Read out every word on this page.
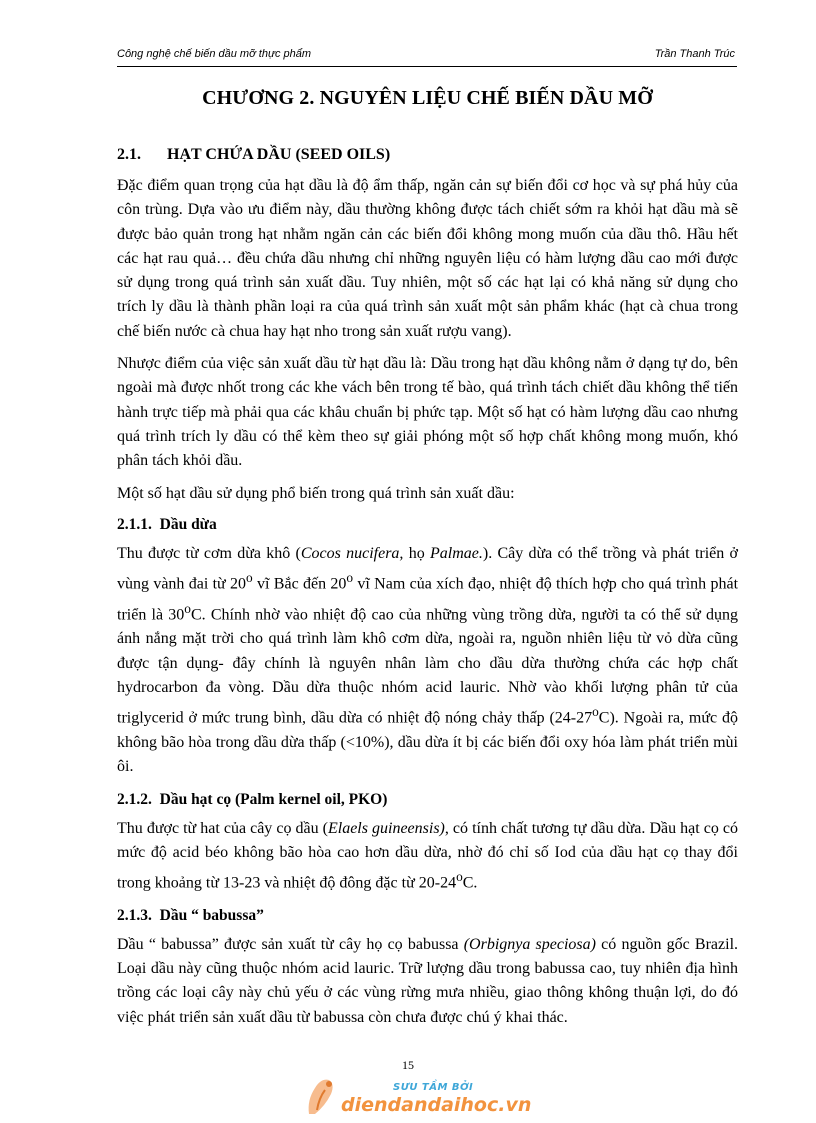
Công nghệ chế biến dầu mỡ thực phẩm	Trần Thanh Trúc
CHƯƠNG 2. NGUYÊN LIỆU CHẾ BIẾN DẦU MỠ
2.1. HẠT CHỨA DẦU (SEED OILS)

Đặc điểm quan trọng của hạt dầu là độ ẩm thấp, ngăn cản sự biến đổi cơ học và sự phá hủy của côn trùng. Dựa vào ưu điểm này, dầu thường không được tách chiết sớm ra khỏi hạt dầu mà sẽ được bảo quản trong hạt nhằm ngăn cản các biến đổi không mong muốn của dầu thô. Hầu hết các hạt rau quả… đều chứa dầu nhưng chỉ những nguyên liệu có hàm lượng dầu cao mới được sử dụng trong quá trình sản xuất dầu. Tuy nhiên, một số các hạt lại có khả năng sử dụng cho trích ly dầu là thành phần loại ra của quá trình sản xuất một sản phẩm khác (hạt cà chua trong chế biến nước cà chua hay hạt nho trong sản xuất rượu vang).

Nhược điểm của việc sản xuất dầu từ hạt dầu là: Dầu trong hạt dầu không nằm ở dạng tự do, bên ngoài mà được nhốt trong các khe vách bên trong tế bào, quá trình tách chiết dầu không thể tiến hành trực tiếp mà phải qua các khâu chuẩn bị phức tạp. Một số hạt có hàm lượng dầu cao nhưng quá trình trích ly dầu có thể kèm theo sự giải phóng một số hợp chất không mong muốn, khó phân tách khỏi dầu.

Một số hạt dầu sử dụng phổ biến trong quá trình sản xuất dầu:

2.1.1. Dầu dừa

Thu được từ cơm dừa khô (Cocos nucifera, họ Palmae.). Cây dừa có thể trồng và phát triển ở vùng vành đai từ 20$^o$ vĩ Bắc đến 20$^o$ vĩ Nam của xích đạo, nhiệt độ thích hợp cho quá trình phát triển là 30$^o$C. Chính nhờ vào nhiệt độ cao của những vùng trồng dừa, người ta có thể sử dụng ánh nắng mặt trời cho quá trình làm khô cơm dừa, ngoài ra, nguồn nhiên liệu từ vỏ dừa cũng được tận dụng- đây chính là nguyên nhân làm cho dầu dừa thường chứa các hợp chất hydrocarbon đa vòng. Dầu dừa thuộc nhóm acid lauric. Nhờ vào khối lượng phân tử của triglycerid ở mức trung bình, dầu dừa có nhiệt độ nóng chảy thấp (24-27$^o$C). Ngoài ra, mức độ không bão hòa trong dầu dừa thấp (<10%), dầu dừa ít bị các biến đổi oxy hóa làm phát triển mùi ôi.

2.1.2. Dầu hạt cọ (Palm kernel oil, PKO)

Thu được từ hat của cây cọ dầu (Elaels guineensis), có tính chất tương tự dầu dừa. Dầu hạt cọ có mức độ acid béo không bão hòa cao hơn dầu dừa, nhờ đó chỉ số Iod của dầu hạt cọ thay đổi trong khoảng từ 13-23 và nhiệt độ đông đặc từ 20-24$^o$C.

2.1.3. Dầu “ babussa”

Dầu “ babussa” được sản xuất từ cây họ cọ babussa (Orbignya speciosa) có nguồn gốc Brazil. Loại dầu này cũng thuộc nhóm acid lauric. Trữ lượng dầu trong babussa cao, tuy nhiên địa hình trồng các loại cây này chủ yếu ở các vùng rừng mưa nhiều, giao thông không thuận lợi, do đó việc phát triển sản xuất dầu từ babussa còn chưa được chú ý khai thác.

15
SƯU TẦM BỞI
diendandaihoc.vn
